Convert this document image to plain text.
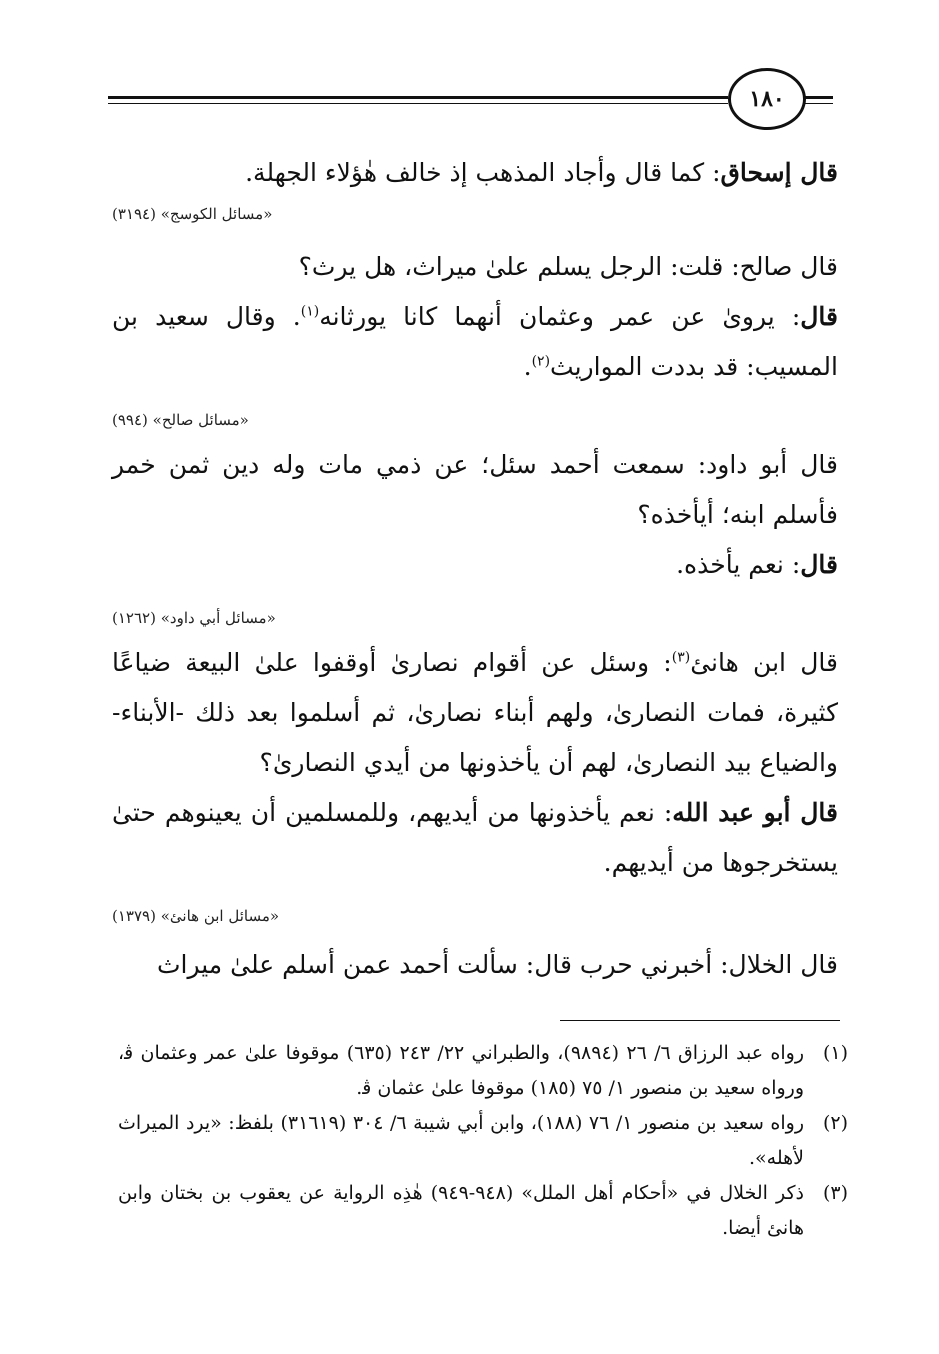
١٨٠

قال إسحاق: كما قال وأجاد المذهب إذ خالف هٰؤلاء الجهلة.

«مسائل الكوسج» (٣١٩٤)

قال صالح: قلت: الرجل يسلم علىٰ ميراث، هل يرث؟

قال: يروىٰ عن عمر وعثمان أنهما كانا يورثانه$^{(١)}$. وقال سعيد بن المسيب: قد بددت المواريث$^{(٢)}$.

«مسائل صالح» (٩٩٤)

قال أبو داود: سمعت أحمد سئل؛ عن ذمي مات وله دين ثمن خمر فأسلم ابنه؛ أيأخذه؟

قال: نعم يأخذه.

«مسائل أبي داود» (١٢٦٢)

قال ابن هانئ$^{(٣)}$: وسئل عن أقوام نصارىٰ أوقفوا علىٰ البيعة ضياعًا كثيرة، فمات النصارىٰ، ولهم أبناء نصارىٰ، ثم أسلموا بعد ذلك -الأبناء- والضياع بيد النصارىٰ، لهم أن يأخذونها من أيدي النصارىٰ؟

قال أبو عبد الله: نعم يأخذونها من أيديهم، وللمسلمين أن يعينوهم حتىٰ يستخرجوها من أيديهم.

«مسائل ابن هانئ» (١٣٧٩)

قال الخلال: أخبرني حرب قال: سألت أحمد عمن أسلم علىٰ ميراث

(١)
رواه عبد الرزاق ٦/ ٢٦ (٩٨٩٤)، والطبراني ٢٢/ ٢٤٣ (٦٣٥) موقوفا علىٰ عمر وعثمان ﭬ، ورواه سعيد بن منصور ١/ ٧٥ (١٨٥) موقوفا علىٰ عثمان ﭬ.
(٢)
رواه سعيد بن منصور ١/ ٧٦ (١٨٨)، وابن أبي شيبة ٦/ ٣٠٤ (٣١٦١٩) بلفظ: «يرد الميراث لأهله».
(٣)
ذكر الخلال في «أحكام أهل الملل» (٩٤٨-٩٤٩) هٰذِه الرواية عن يعقوب بن بختان وابن هانئ أيضا.
